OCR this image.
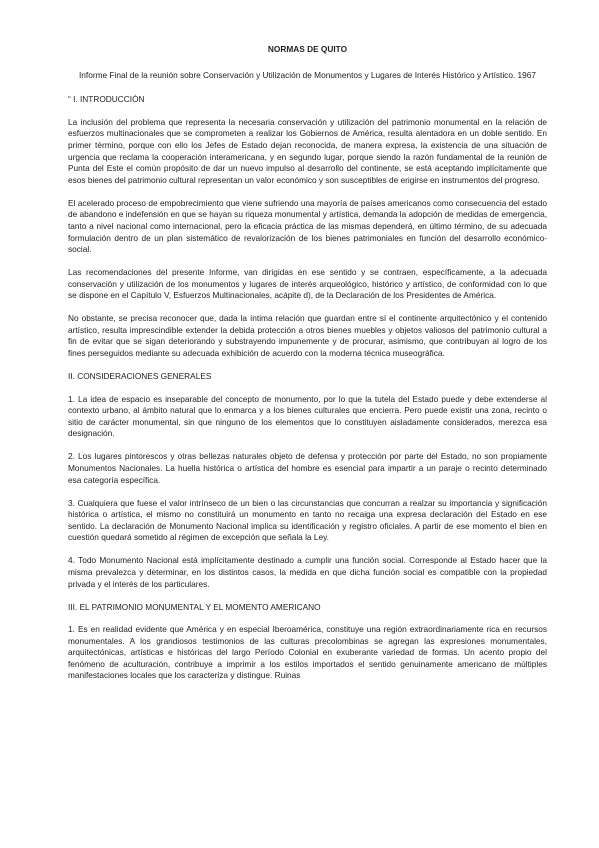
NORMAS DE QUITO
Informe Final de la reunión sobre Conservación y Utilización de Monumentos y Lugares de Interés Histórico y Artístico. 1967
“ I. INTRODUCCIÓN

La inclusión del problema que representa la necesaria conservación y utilización del patrimonio monumental en la relación de esfuerzos multinacionales que se comprometen a realizar los Gobiernos de América, resulta alentadora en un doble sentido. En primer término, porque con ello los Jefes de Estado dejan reconocida, de manera expresa, la existencia de una situación de urgencia que reclama la cooperación interamericana, y en segundo lugar, porque siendo la razón fundamental de la reunión de Punta del Este el común propósito de dar un nuevo impulso al desarrollo del continente, se está aceptando implícitamente que esos bienes del patrimonio cultural representan un valor económico y son susceptibles de erigirse en instrumentos del progreso.

El acelerado proceso de empobrecimiento que viene sufriendo una mayoría de países americanos como consecuencia del estado de abandono e indefensión en que se hayan su riqueza monumental y artística, demanda la adopción de medidas de emergencia, tanto a nivel nacional como internacional, pero la eficacia práctica de las mismas dependerá, en último término, de su adecuada formulación dentro de un plan sistemático de revalorización de los bienes patrimoniales en función del desarrollo económico-social.

Las recomendaciones del presente Informe, van dirigidas en ese sentido y se contraen, específicamente, a la adecuada conservación y utilización de los monumentos y lugares de interés arqueológico, histórico y artístico, de conformidad con lo que se dispone en el Capítulo V, Esfuerzos Multinacionales, acápite d), de la Declaración de los Presidentes de América.

No obstante, se precisa reconocer que, dada la íntima relación que guardan entre sí el continente arquitectónico y el contenido artístico, resulta imprescindible extender la debida protección a otros bienes muebles y objetos valiosos del patrimonio cultural a fin de evitar que se sigan deteriorando y substrayendo impunemente y de procurar, asimismo, que contribuyan al logro de los fines perseguidos mediante su adecuada exhibición de acuerdo con la moderna técnica museográfica.

II. CONSIDERACIONES GENERALES

1. La idea de espacio es inseparable del concepto de monumento, por lo que la tutela del Estado puede y debe extenderse al contexto urbano, al ámbito natural que lo enmarca y a los bienes culturales que encierra. Pero puede existir una zona, recinto o sitio de carácter monumental, sin que ninguno de los elementos que lo constituyen aisladamente considerados, merezca esa designación.

2. Los lugares pintorescos y otras bellezas naturales objeto de defensa y protección por parte del Estado, no son propiamente Monumentos Nacionales. La huella histórica o artística del hombre es esencial para impartir a un paraje o recinto determinado esa categoría específica.

3. Cualquiera que fuese el valor intrínseco de un bien o las circunstancias que concurran a realzar su importancia y significación histórica o artística, el mismo no constituirá un monumento en tanto no recaiga una expresa declaración del Estado en ese sentido. La declaración de Monumento Nacional implica su identificación y registro oficiales. A partir de ese momento el bien en cuestión quedará sometido al régimen de excepción que señala la Ley.

4. Todo Monumento Nacional está implícitamente destinado a cumplir una función social. Corresponde al Estado hacer que la misma prevalezca y determinar, en los distintos casos, la medida en que dicha función social es compatible con la propiedad privada y el interés de los particulares.

III. EL PATRIMONIO MONUMENTAL Y EL MOMENTO AMERICANO

1. Es en realidad evidente que América y en especial Iberoamérica, constituye una región extraordinariamente rica en recursos monumentales. A los grandiosos testimonios de las culturas precolombinas se agregan las expresiones monumentales, arquitectónicas, artísticas e históricas del largo Período Colonial en exuberante variedad de formas. Un acento propio del fenómeno de aculturación, contribuye a imprimir a los estilos importados el sentido genuinamente americano de múltiples manifestaciones locales que los caracteriza y distingue. Ruinas
